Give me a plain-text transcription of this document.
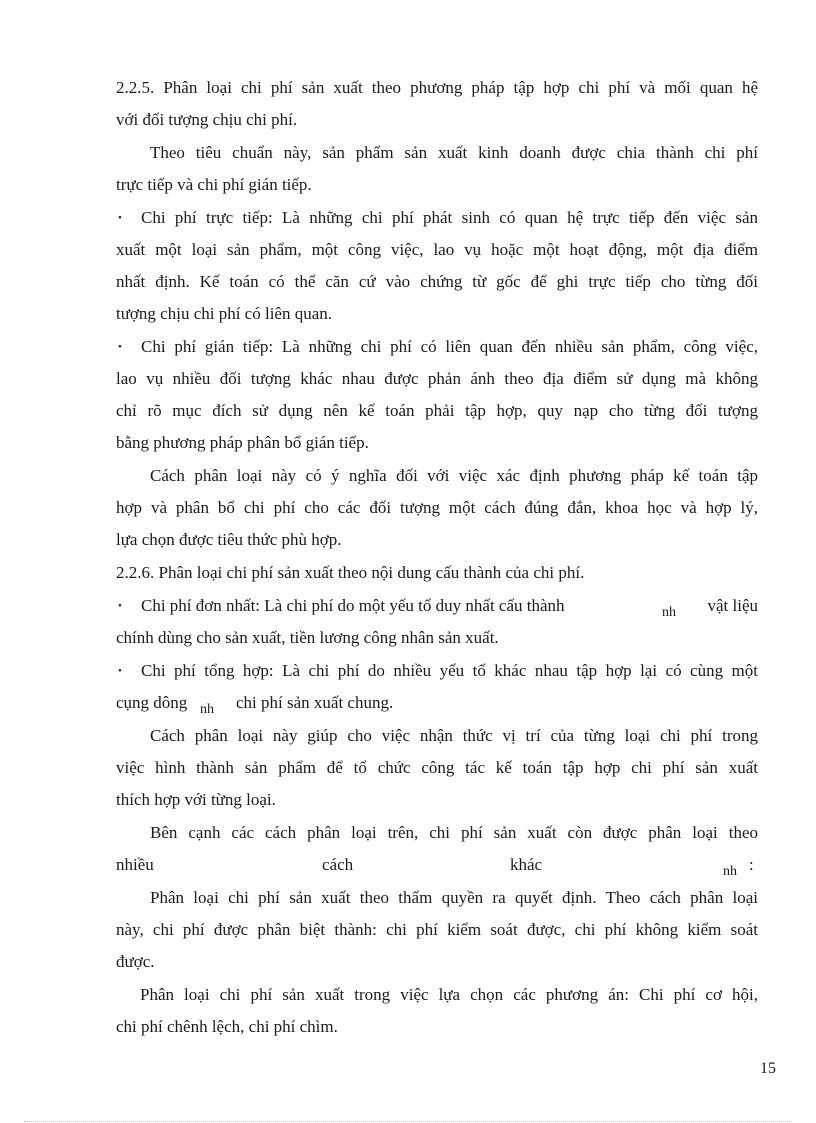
2.2.5. Phân loại chi phí sản xuất theo phương pháp tập hợp chi phí và mối quan hệ
với đối tượng chịu chi phí.
Theo tiêu chuẩn này, sản phẩm sản xuất kinh doanh được chia thành chi phí
trực tiếp và chi phí gián tiếp.
• Chi phí trực tiếp: Là những chi phí phát sinh có quan hệ trực tiếp đến việc sản
xuất một loại sản phẩm, một công việc, lao vụ hoặc một hoạt động, một địa điểm
nhất định. Kế toán có thể căn cứ vào chứng từ gốc để ghi trực tiếp cho từng đối
tượng chịu chi phí có liên quan.
• Chi phí gián tiếp: Là những chi phí có liên quan đến nhiều sản phẩm, công việc,
lao vụ nhiều đối tượng khác nhau được phản ánh theo địa điểm sử dụng mà không
chỉ rõ mục đích sử dụng nên kế toán phải tập hợp, quy nạp cho từng đối tượng
bằng phương pháp phân bổ gián tiếp.
Cách phân loại này có ý nghĩa đối với việc xác định phương pháp kế toán tập
hợp và phân bổ chi phí cho các đối tượng một cách đúng đắn, khoa học và hợp lý,
lựa chọn được tiêu thức phù hợp.
2.2.6. Phân loại chi phí sản xuất theo nội dung cấu thành của chi phí.
• Chi phí đơn nhất: Là chi phí do một yếu tố duy nhất cấu thành	nh	vật liệu
chính dùng cho sản xuất, tiền lương công nhân sản xuất.
• Chi phí tổng hợp: Là chi phí do nhiều yếu tố khác nhau tập hợp lại có cùng một
cụng dông nh	chi phí sản xuất chung.
Cách phân loại này giúp cho việc nhận thức vị trí của từng loại chi phí trong
việc hình thành sản phẩm để tổ chức công tác kế toán tập hợp chi phí sản xuất
thích hợp với từng loại.
Bên cạnh các cách phân loại trên, chi phí sản xuất còn được phân loại theo
nhiều	cách	khác	nh :
Phân loại chi phí sản xuất theo thẩm quyền ra quyết định. Theo cách phân loại
này, chi phí được phân biệt thành: chi phí kiểm soát được, chi phí không kiểm soát
được.
Phân loại chi phí sản xuất trong việc lựa chọn các phương án: Chi phí cơ hội,
chi phí chênh lệch, chi phí chìm.
15
